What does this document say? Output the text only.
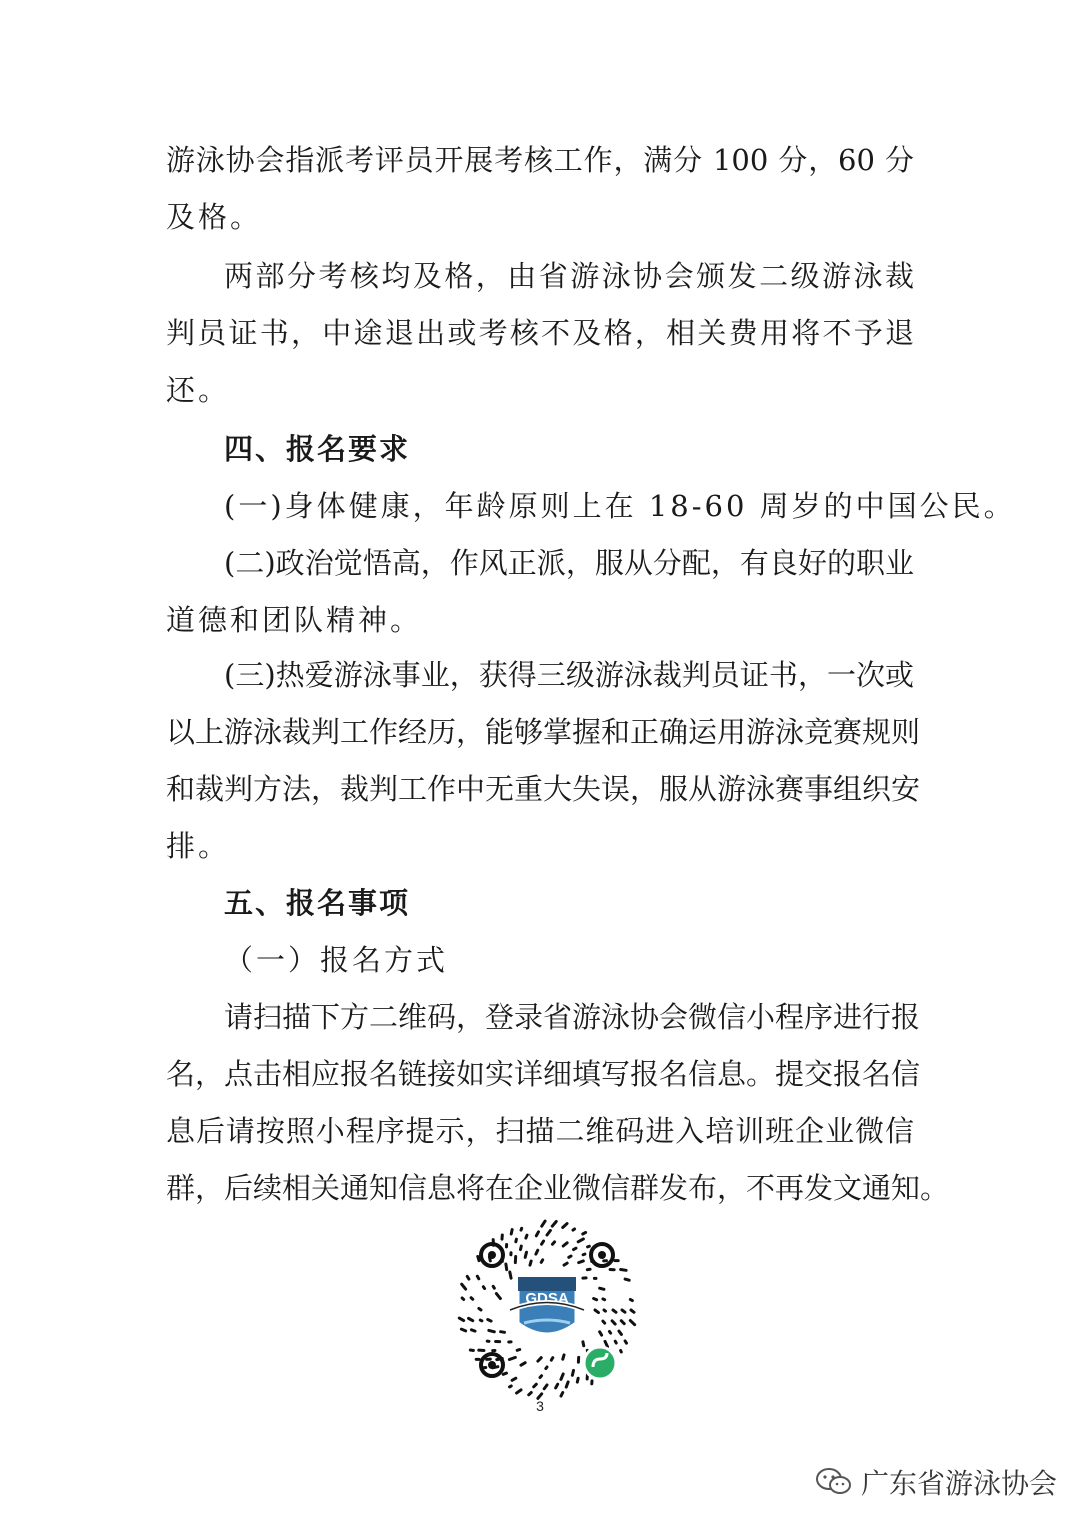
游泳协会指派考评员开展考核工作，满分 100 分，60 分
及格。
两部分考核均及格，由省游泳协会颁发二级游泳裁
判员证书，中途退出或考核不及格，相关费用将不予退
还。
四、报名要求
(一)身体健康，年龄原则上在 18-60 周岁的中国公民。
(二)政治觉悟高，作风正派，服从分配，有良好的职业
道德和团队精神。
(三)热爱游泳事业，获得三级游泳裁判员证书，一次或
以上游泳裁判工作经历，能够掌握和正确运用游泳竞赛规则
和裁判方法，裁判工作中无重大失误，服从游泳赛事组织安
排。
五、报名事项
（一）报名方式
请扫描下方二维码，登录省游泳协会微信小程序进行报
名，点击相应报名链接如实详细填写报名信息。提交报名信
息后请按照小程序提示，扫描二维码进入培训班企业微信
群，后续相关通知信息将在企业微信群发布，不再发文通知。
GDSA
3
广东省游泳协会
